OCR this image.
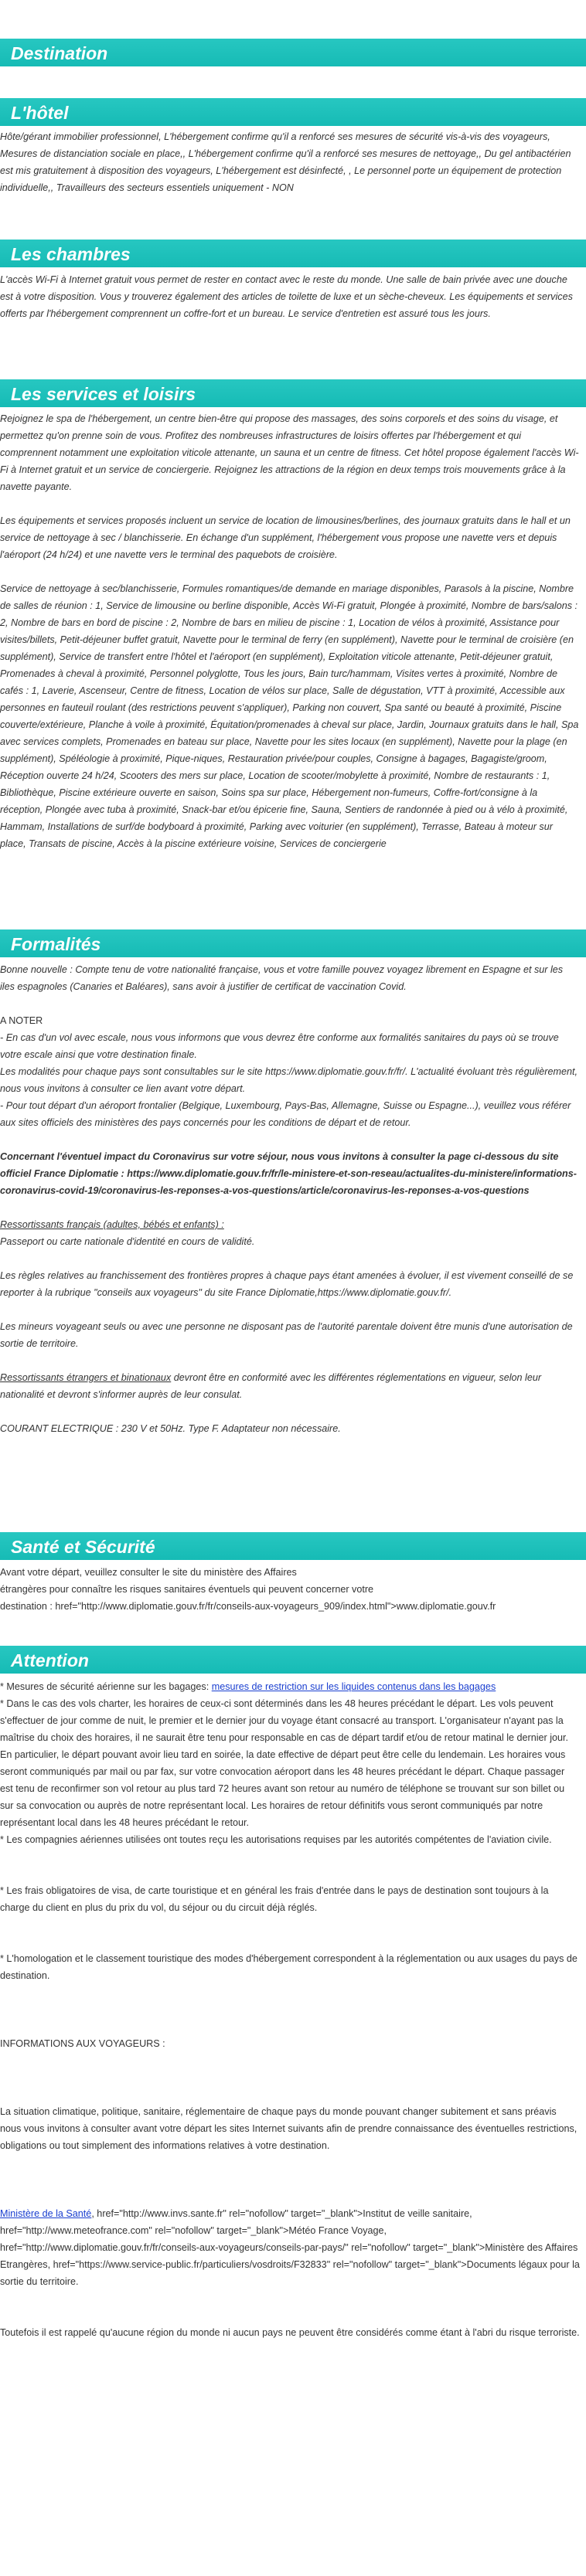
Destination
L'hôtel

Hôte/gérant immobilier professionnel, L'hébergement confirme qu'il a renforcé ses mesures de sécurité vis-à-vis des voyageurs, Mesures de distanciation sociale en place,, L'hébergement confirme qu'il a renforcé ses mesures de nettoyage,, Du gel antibactérien est mis gratuitement à disposition des voyageurs, L'hébergement est désinfecté, , Le personnel porte un équipement de protection individuelle,, Travailleurs des secteurs essentiels uniquement - NON

Les chambres

L'accès Wi-Fi à Internet gratuit vous permet de rester en contact avec le reste du monde. Une salle de bain privée avec une douche est à votre disposition. Vous y trouverez également des articles de toilette de luxe et un sèche-cheveux. Les équipements et services offerts par l'hébergement comprennent un coffre-fort et un bureau. Le service d'entretien est assuré tous les jours.

Les services et loisirs

Rejoignez le spa de l'hébergement, un centre bien-être qui propose des massages, des soins corporels et des soins du visage, et permettez qu'on prenne soin de vous. Profitez des nombreuses infrastructures de loisirs offertes par l'hébergement et qui comprennent notamment une exploitation viticole attenante, un sauna et un centre de fitness. Cet hôtel propose également l'accès Wi-Fi à Internet gratuit et un service de conciergerie. Rejoignez les attractions de la région en deux temps trois mouvements grâce à la navette payante.

Les équipements et services proposés incluent un service de location de limousines/berlines, des journaux gratuits dans le hall et un service de nettoyage à sec / blanchisserie. En échange d'un supplément, l'hébergement vous propose une navette vers et depuis l'aéroport (24 h/24) et une navette vers le terminal des paquebots de croisière.

Service de nettoyage à sec/blanchisserie, Formules romantiques/de demande en mariage disponibles, Parasols à la piscine, Nombre de salles de réunion : 1, Service de limousine ou berline disponible, Accès Wi-Fi gratuit, Plongée à proximité, Nombre de bars/salons : 2, Nombre de bars en bord de piscine : 2, Nombre de bars en milieu de piscine : 1, Location de vélos à proximité, Assistance pour visites/billets, Petit-déjeuner buffet gratuit, Navette pour le terminal de ferry (en supplément), Navette pour le terminal de croisière (en supplément), Service de transfert entre l'hôtel et l'aéroport (en supplément), Exploitation viticole attenante, Petit-déjeuner gratuit, Promenades à cheval à proximité, Personnel polyglotte, Tous les jours, Bain turc/hammam, Visites vertes à proximité, Nombre de cafés : 1, Laverie, Ascenseur, Centre de fitness, Location de vélos sur place, Salle de dégustation, VTT à proximité, Accessible aux personnes en fauteuil roulant (des restrictions peuvent s'appliquer), Parking non couvert, Spa santé ou beauté à proximité, Piscine couverte/extérieure, Planche à voile à proximité, Équitation/promenades à cheval sur place, Jardin, Journaux gratuits dans le hall, Spa avec services complets, Promenades en bateau sur place, Navette pour les sites locaux (en supplément), Navette pour la plage (en supplément), Spéléologie à proximité, Pique-niques, Restauration privée/pour couples, Consigne à bagages, Bagagiste/groom, Réception ouverte 24 h/24, Scooters des mers sur place, Location de scooter/mobylette à proximité, Nombre de restaurants : 1, Bibliothèque, Piscine extérieure ouverte en saison, Soins spa sur place, Hébergement non-fumeurs, Coffre-fort/consigne à la réception, Plongée avec tuba à proximité, Snack-bar et/ou épicerie fine, Sauna, Sentiers de randonnée à pied ou à vélo à proximité, Hammam, Installations de surf/de bodyboard à proximité, Parking avec voiturier (en supplément), Terrasse, Bateau à moteur sur place, Transats de piscine, Accès à la piscine extérieure voisine, Services de conciergerie

Formalités

Bonne nouvelle : Compte tenu de votre nationalité française, vous et votre famille pouvez voyagez librement en Espagne et sur les iles espagnoles (Canaries et Baléares), sans avoir à justifier de certificat de vaccination Covid.

A NOTER

- En cas d'un vol avec escale, nous vous informons que vous devrez être conforme aux formalités sanitaires du pays où se trouve votre escale ainsi que votre destination finale.

Les modalités pour chaque pays sont consultables sur le site https://www.diplomatie.gouv.fr/fr/. L'actualité évoluant très régulièrement, nous vous invitons à consulter ce lien avant votre départ.

- Pour tout départ d'un aéroport frontalier (Belgique, Luxembourg, Pays-Bas, Allemagne, Suisse ou Espagne...), veuillez vous référer aux sites officiels des ministères des pays concernés pour les conditions de départ et de retour.

Concernant l'éventuel impact du Coronavirus sur votre séjour, nous vous invitons à consulter la page ci-dessous du site officiel France Diplomatie : https://www.diplomatie.gouv.fr/fr/le-ministere-et-son-reseau/actualites-du-ministere/informations-coronavirus-covid-19/coronavirus-les-reponses-a-vos-questions/article/coronavirus-les-reponses-a-vos-questions

Ressortissants français (adultes, bébés et enfants) :

Passeport ou carte nationale d'identité en cours de validité.

Les règles relatives au franchissement des frontières propres à chaque pays étant amenées à évoluer, il est vivement conseillé de se reporter à la rubrique "conseils aux voyageurs" du site France Diplomatie,https://www.diplomatie.gouv.fr/.

Les mineurs voyageant seuls ou avec une personne ne disposant pas de l'autorité parentale doivent être munis d'une autorisation de sortie de territoire.

Ressortissants étrangers et binationaux devront être en conformité avec les différentes réglementations en vigueur, selon leur nationalité et devront s'informer auprès de leur consulat.

COURANT ELECTRIQUE : 230 V et 50Hz. Type F. Adaptateur non nécessaire.

Santé et Sécurité

Avant votre départ, veuillez consulter le site du ministère des Affaires

étrangères pour connaître les risques sanitaires éventuels qui peuvent concerner votre

destination : href="http://www.diplomatie.gouv.fr/fr/conseils-aux-voyageurs_909/index.html">www.diplomatie.gouv.fr

Attention

* Mesures de sécurité aérienne sur les bagages: mesures de restriction sur les liquides contenus dans les bagages

* Dans le cas des vols charter, les horaires de ceux-ci sont déterminés dans les 48 heures précédant le départ. Les vols peuvent s'effectuer de jour comme de nuit, le premier et le dernier jour du voyage étant consacré au transport. L'organisateur n'ayant pas la maîtrise du choix des horaires, il ne saurait être tenu pour responsable en cas de départ tardif et/ou de retour matinal le dernier jour. En particulier, le départ pouvant avoir lieu tard en soirée, la date effective de départ peut être celle du lendemain. Les horaires vous seront communiqués par mail ou par fax, sur votre convocation aéroport dans les 48 heures précédant le départ. Chaque passager est tenu de reconfirmer son vol retour au plus tard 72 heures avant son retour au numéro de téléphone se trouvant sur son billet ou sur sa convocation ou auprès de notre représentant local. Les horaires de retour définitifs vous seront communiqués par notre représentant local dans les 48 heures précédant le retour.

* Les compagnies aériennes utilisées ont toutes reçu les autorisations requises par les autorités compétentes de l'aviation civile.

* Les frais obligatoires de visa, de carte touristique et en général les frais d'entrée dans le pays de destination sont toujours à la charge du client en plus du prix du vol, du séjour ou du circuit déjà réglés.

* L'homologation et le classement touristique des modes d'hébergement correspondent à la réglementation ou aux usages du pays de destination.

INFORMATIONS AUX VOYAGEURS :

La situation climatique, politique, sanitaire, réglementaire de chaque pays du monde pouvant changer subitement et sans préavis

nous vous invitons à consulter avant votre départ les sites Internet suivants afin de prendre connaissance des éventuelles restrictions, obligations ou tout simplement des informations relatives à votre destination.

Ministère de la Santé, href="http://www.invs.sante.fr" rel="nofollow" target="_blank">Institut de veille sanitaire, href="http://www.meteofrance.com" rel="nofollow" target="_blank">Météo France Voyage, href="http://www.diplomatie.gouv.fr/fr/conseils-aux-voyageurs/conseils-par-pays/" rel="nofollow" target="_blank">Ministère des Affaires Etrangères, href="https://www.service-public.fr/particuliers/vosdroits/F32833" rel="nofollow" target="_blank">Documents légaux pour la sortie du territoire.

Toutefois il est rappelé qu'aucune région du monde ni aucun pays ne peuvent être considérés comme étant à l'abri du risque terroriste.
